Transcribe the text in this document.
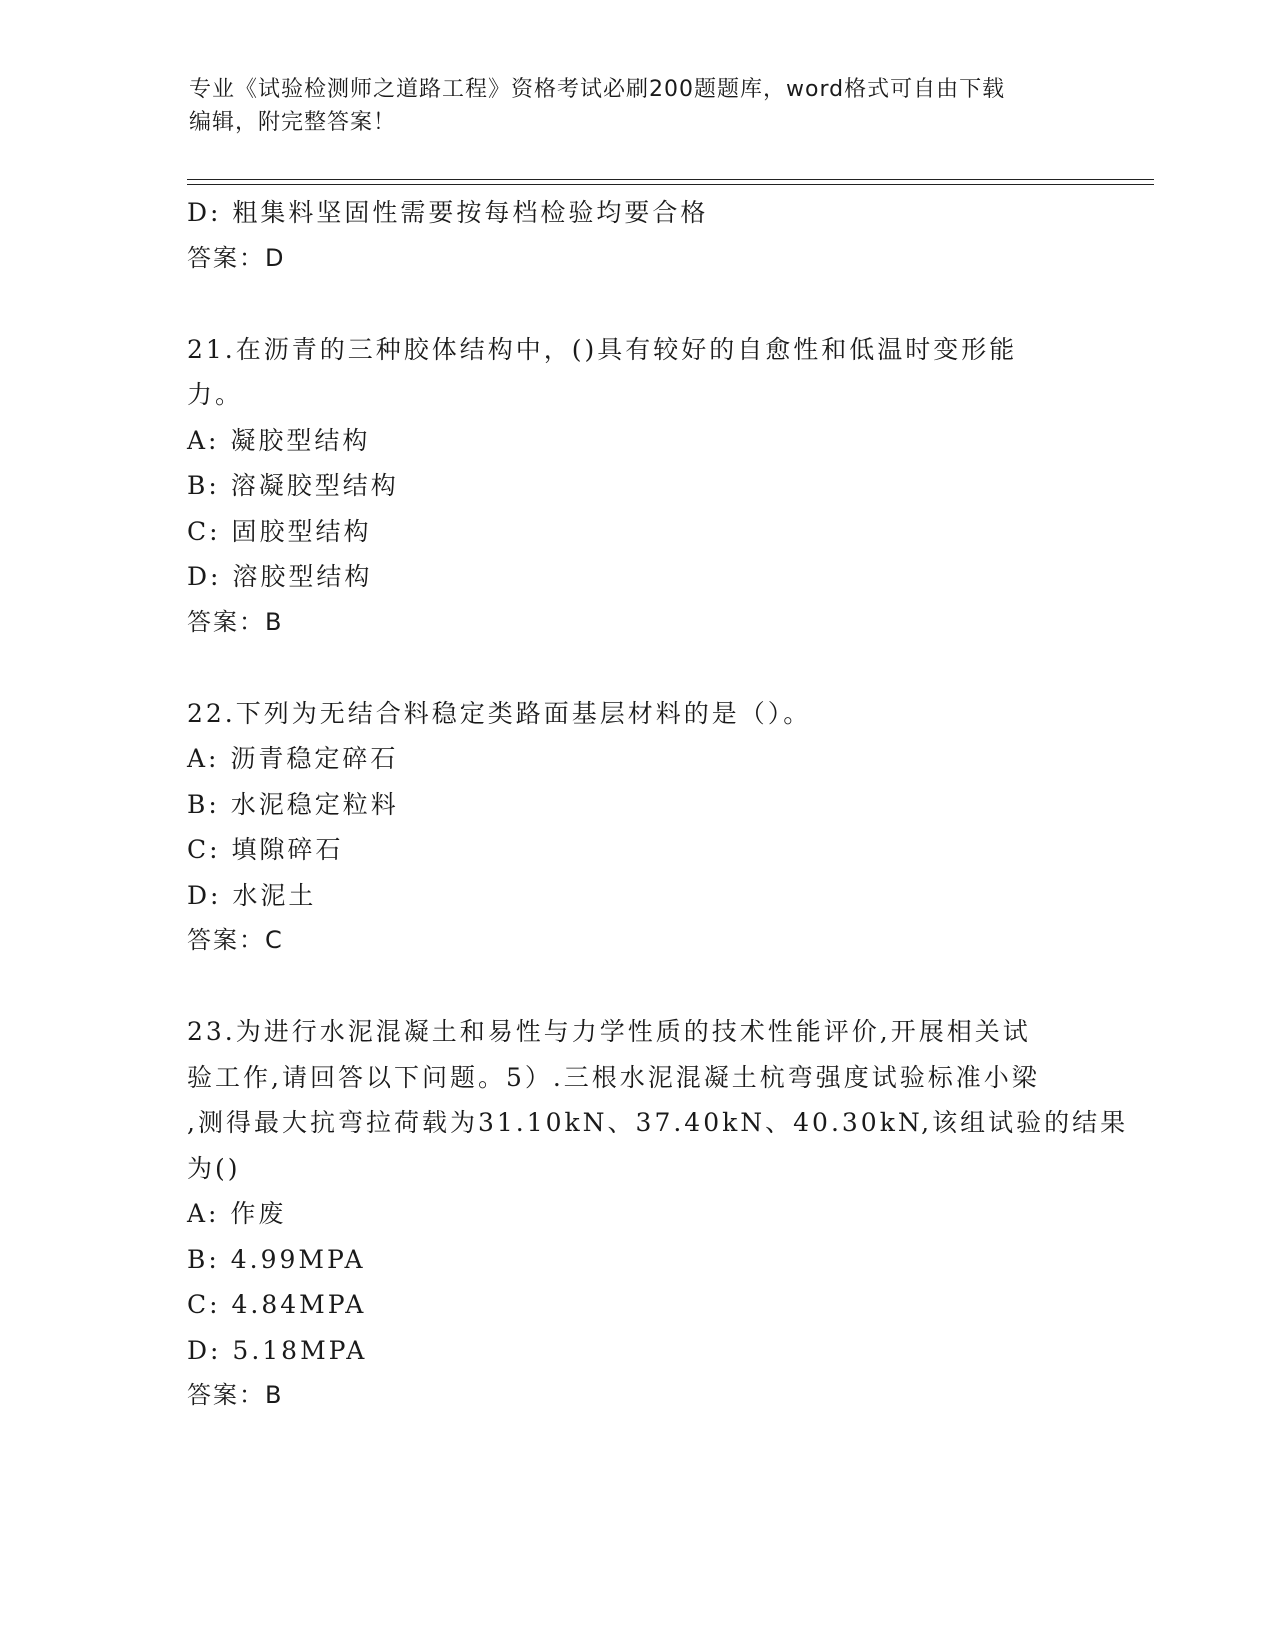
专业《试验检测师之道路工程》资格考试必刷200题题库，word格式可自由下载
编辑，附完整答案！
D: 粗集料坚固性需要按每档检验均要合格
答案：D
21.在沥青的三种胶体结构中，()具有较好的自愈性和低温时变形能
力。
A: 凝胶型结构
B: 溶凝胶型结构
C: 固胶型结构
D: 溶胶型结构
答案：B
22.下列为无结合料稳定类路面基层材料的是（）。
A: 沥青稳定碎石
B: 水泥稳定粒料
C: 填隙碎石
D: 水泥土
答案：C
23.为进行水泥混凝土和易性与力学性质的技术性能评价,开展相关试
验工作,请回答以下问题。5）.三根水泥混凝土杭弯强度试验标准小梁
,测得最大抗弯拉荷载为31.10kN、37.40kN、40.30kN,该组试验的结果
为()
A: 作废
B: 4.99MPA
C: 4.84MPA
D: 5.18MPA
答案：B
